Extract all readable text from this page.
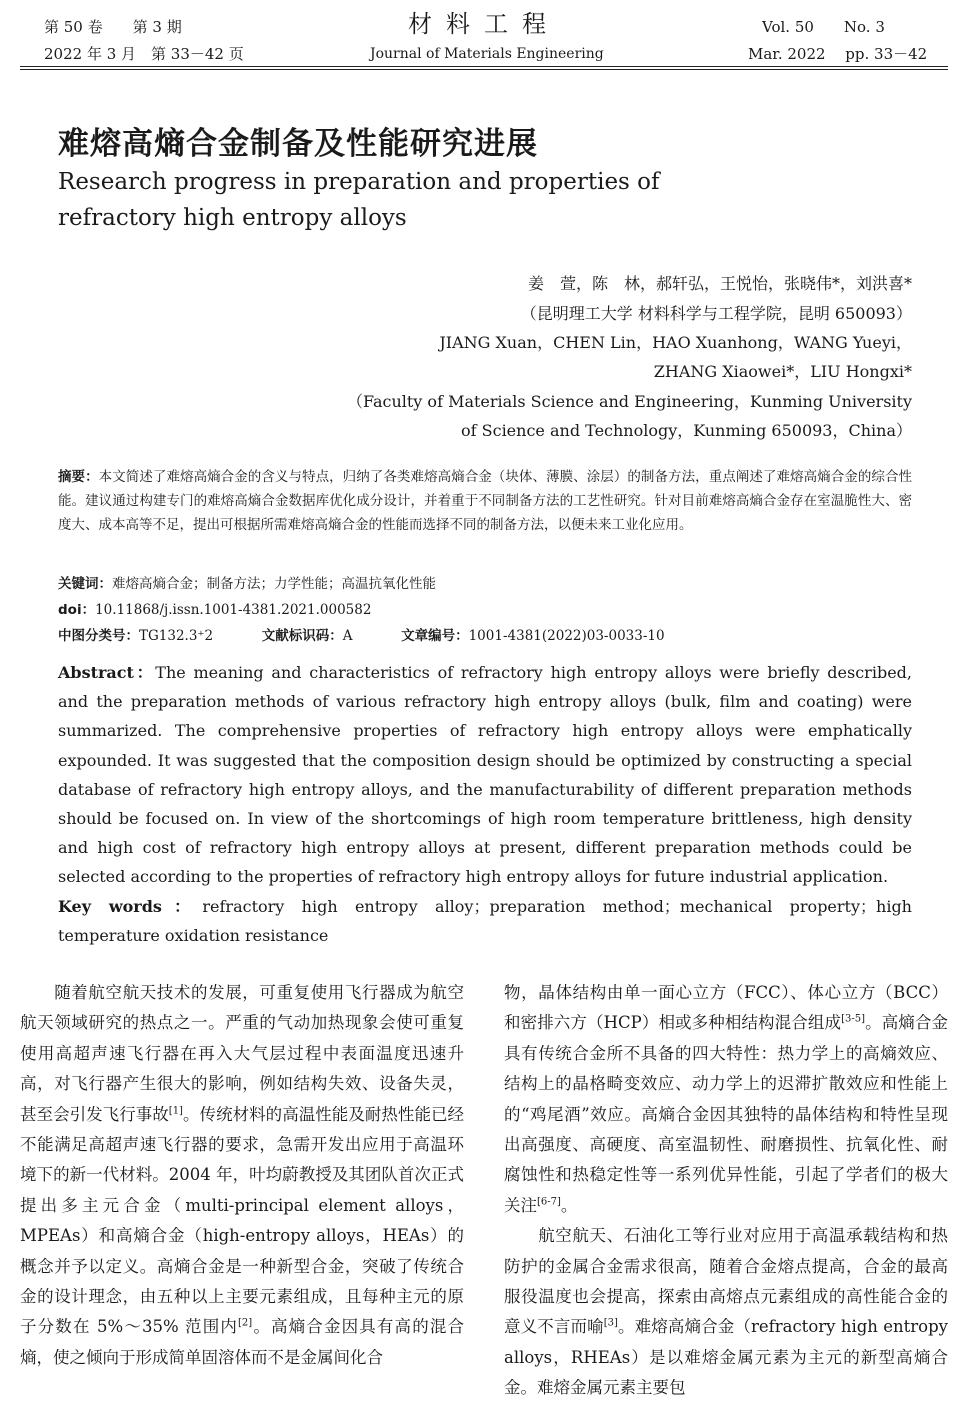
第 50 卷　　第 3 期
2022 年 3 月　第 33－42 页
材料工程
Journal of Materials Engineering
Vol. 50　　No. 3
Mar. 2022　 pp. 33－42
难熔高熵合金制备及性能研究进展
Research progress in preparation and properties of
refractory high entropy alloys
姜　萱，陈　林，郝轩弘，王悦怡，张晓伟*，刘洪喜*
（昆明理工大学 材料科学与工程学院，昆明 650093）
JIANG Xuan，CHEN Lin，HAO Xuanhong，WANG Yueyi，
ZHANG Xiaowei*，LIU Hongxi*
（Faculty of Materials Science and Engineering，Kunming University
of Science and Technology，Kunming 650093，China）
摘要：本文简述了难熔高熵合金的含义与特点，归纳了各类难熔高熵合金（块体、薄膜、涂层）的制备方法，重点阐述了难熔高熵合金的综合性能。建议通过构建专门的难熔高熵合金数据库优化成分设计，并着重于不同制备方法的工艺性研究。针对目前难熔高熵合金存在室温脆性大、密度大、成本高等不足，提出可根据所需难熔高熵合金的性能而选择不同的制备方法，以便未来工业化应用。
关键词：难熔高熵合金；制备方法；力学性能；高温抗氧化性能
doi：10.11868/j.issn.1001-4381.2021.000582
中图分类号：TG132.3⁺2	文献标识码：A	文章编号：1001-4381(2022)03-0033-10
Abstract：The meaning and characteristics of refractory high entropy alloys were briefly described, and the preparation methods of various refractory high entropy alloys (bulk, film and coating) were summarized. The comprehensive properties of refractory high entropy alloys were emphatically expounded. It was suggested that the composition design should be optimized by constructing a special database of refractory high entropy alloys, and the manufacturability of different preparation methods should be focused on. In view of the shortcomings of high room temperature brittleness, high density and high cost of refractory high entropy alloys at present, different preparation methods could be selected according to the properties of refractory high entropy alloys for future industrial application.
Key words：refractory high entropy alloy；preparation method；mechanical property；high temperature oxidation resistance

　　随着航空航天技术的发展，可重复使用飞行器成为航空航天领域研究的热点之一。严重的气动加热现象会使可重复使用高超声速飞行器在再入大气层过程中表面温度迅速升高，对飞行器产生很大的影响，例如结构失效、设备失灵，甚至会引发飞行事故[1]。传统材料的高温性能及耐热性能已经不能满足高超声速飞行器的要求，急需开发出应用于高温环境下的新一代材料。2004 年，叶均蔚教授及其团队首次正式提出多主元合金（multi-principal element alloys，MPEAs）和高熵合金（high-entropy alloys，HEAs）的概念并予以定义。高熵合金是一种新型合金，突破了传统合金的设计理念，由五种以上主要元素组成，且每种主元的原子分数在 5%～35% 范围内[2]。高熵合金因具有高的混合熵，使之倾向于形成简单固溶体而不是金属间化合

物，晶体结构由单一面心立方（FCC）、体心立方（BCC）和密排六方（HCP）相或多种相结构混合组成[3-5]。高熵合金具有传统合金所不具备的四大特性：热力学上的高熵效应、结构上的晶格畸变效应、动力学上的迟滞扩散效应和性能上的“鸡尾酒”效应。高熵合金因其独特的晶体结构和特性呈现出高强度、高硬度、高室温韧性、耐磨损性、抗氧化性、耐腐蚀性和热稳定性等一系列优异性能，引起了学者们的极大关注[6-7]。

　　航空航天、石油化工等行业对应用于高温承载结构和热防护的金属合金需求很高，随着合金熔点提高，合金的最高服役温度也会提高，探索由高熔点元素组成的高性能合金的意义不言而喻[3]。难熔高熵合金（refractory high entropy alloys，RHEAs）是以难熔金属元素为主元的新型高熵合金。难熔金属元素主要包
